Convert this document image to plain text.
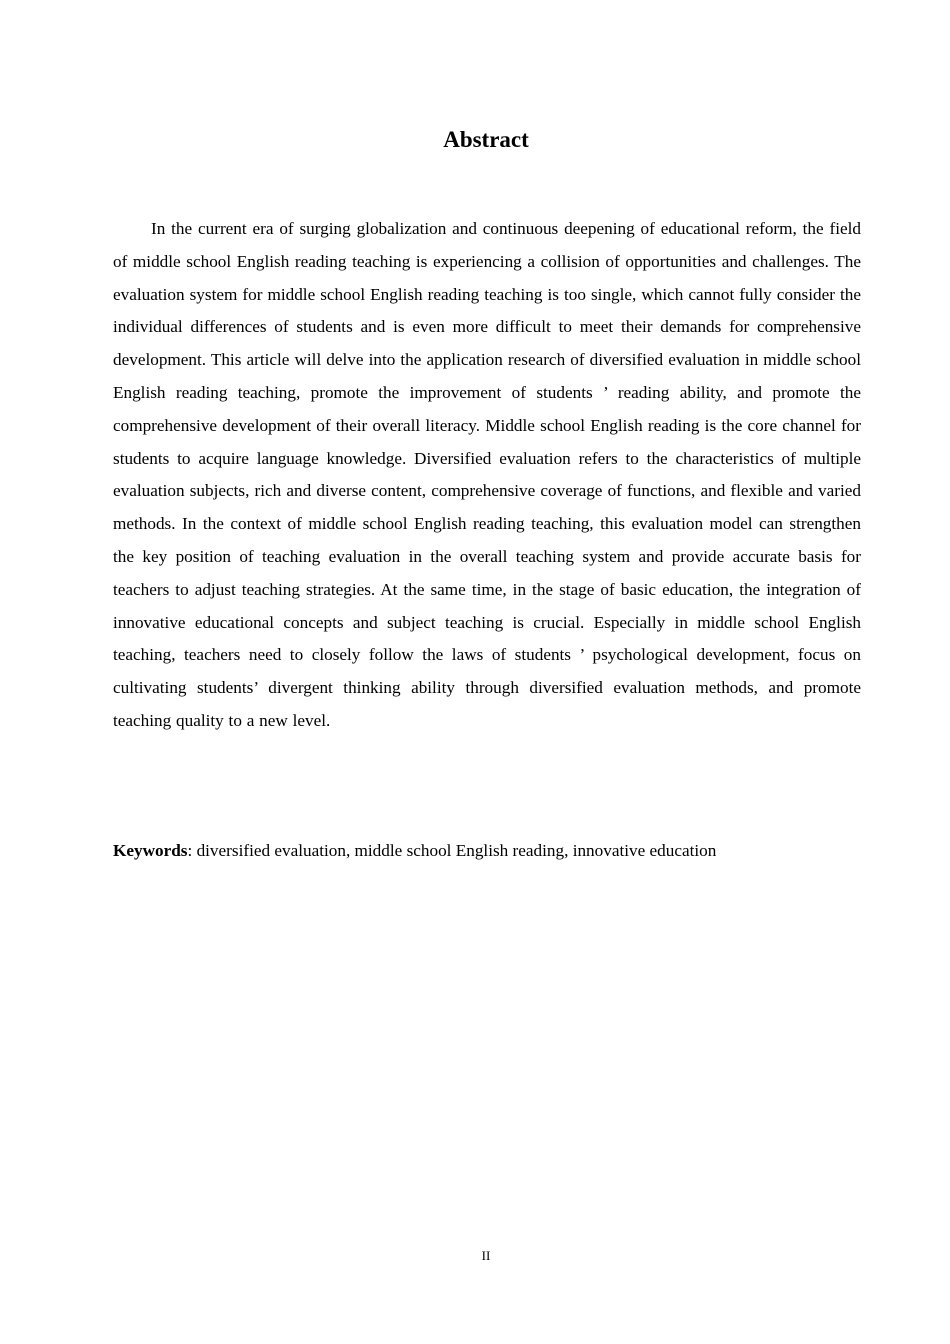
Abstract

In the current era of surging globalization and continuous deepening of educational reform, the field of middle school English reading teaching is experiencing a collision of opportunities and challenges. The evaluation system for middle school English reading teaching is too single, which cannot fully consider the individual differences of students and is even more difficult to meet their demands for comprehensive development. This article will delve into the application research of diversified evaluation in middle school English reading teaching, promote the improvement of students ’ reading ability, and promote the comprehensive development of their overall literacy. Middle school English reading is the core channel for students to acquire language knowledge. Diversified evaluation refers to the characteristics of multiple evaluation subjects, rich and diverse content, comprehensive coverage of functions, and flexible and varied methods. In the context of middle school English reading teaching, this evaluation model can strengthen the key position of teaching evaluation in the overall teaching system and provide accurate basis for teachers to adjust teaching strategies. At the same time, in the stage of basic education, the integration of innovative educational concepts and subject teaching is crucial. Especially in middle school English teaching, teachers need to closely follow the laws of students ’ psychological development, focus on cultivating students’ divergent thinking ability through diversified evaluation methods, and promote teaching quality to a new level.

Keywords: diversified evaluation, middle school English reading, innovative education

II
